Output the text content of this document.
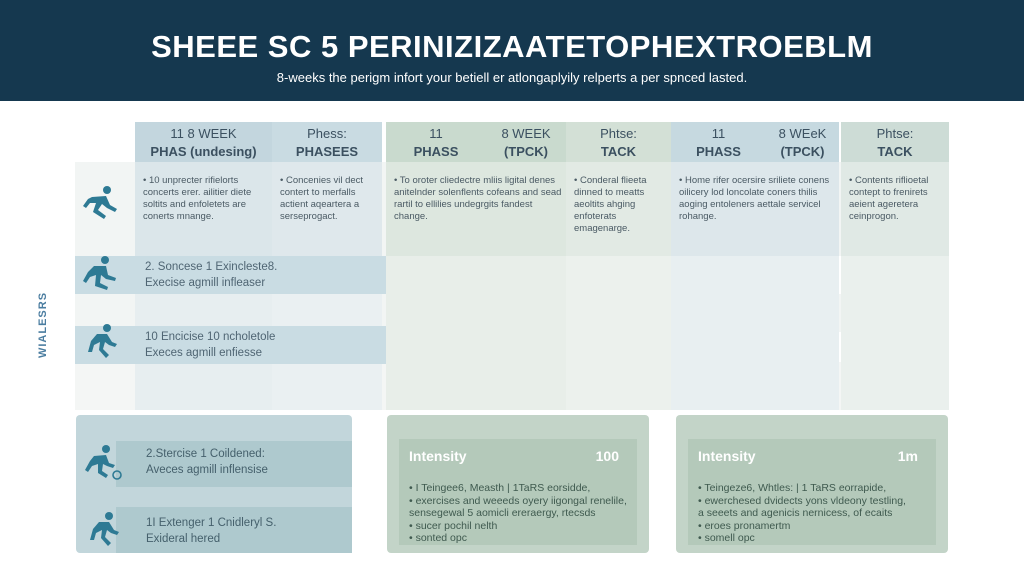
SHEEE SC 5 PERINIZIZAATETOPHEXTROEBLM
8-weeks the perigm infort your betiell er atlongaplyily relperts a per spnced lasted.
WIALESRS
11 8 WEEK
PHAS (undesing)
• 10 unprecter rifielorts concerts erer. ailitier diete soltits and enfoletets are conerts mnange.
Phess:
PHASEES
• Concenies vil dect contert to merfalls actient aqeartera a serseprogact.
11
PHASS
8 WEEK
(TPCK)
• To oroter cliedectre mliis ligital denes anitelnder solenflents cofeans and sead rartil to ellilies undegrgits fandest change.
Phtse:
TACK
• Conderal flieeta dinned to meatts aeoltits ahging enfoterats emagenarge.
11
PHASS
8 WEeK
(TPCK)
• Home rifer ocersire sriliete conens oilicery lod loncolate coners thilis aoging entoleners aettale servicel rohange.
Phtse:
TACK
• Contents riflioetal contept to frenirets aeient ageretera ceinprogon.
2. Soncese 1 Exincleste8.
Execise agmill infleaser
10 Encicise 10 ncholetole
Execes agmill enfiesse
2.Stercise 1 Coildened:
Aveces agmill inflensise
1I Extenger 1 Cnidleryl S.
Exideral hered
Intensity	100
• I Teingee6, Measth | 1TaRS eorsidde,
• exercises and weeeds oyery iigongal renelile,
sensegewal 5 aomicli ereraergy, rtecsds
• sucer pochil nelth
• sonted opc
Intensity	1m
• Teingeze6, Whtles: | 1 TaRS eorrapide,
• ewerchesed dvidects yons vldeony testling,
a seeets and agenicis nernicess, of ecaits
• eroes pronamertm
• somell opc
